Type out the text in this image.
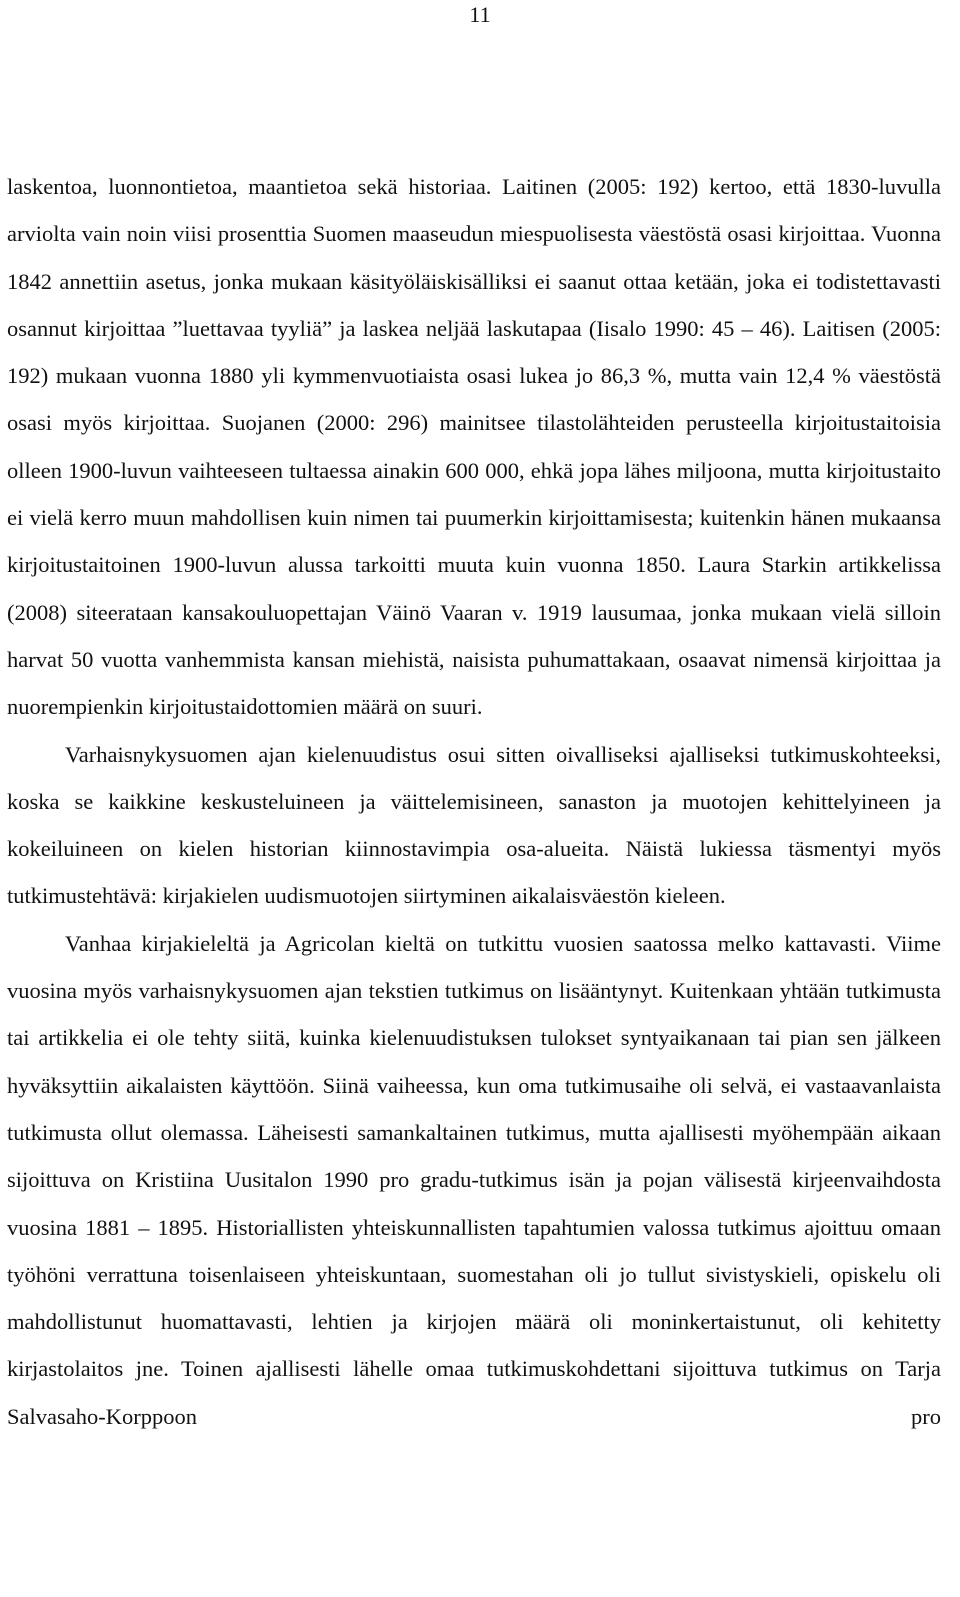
11

laskentoa, luonnontietoa, maantietoa sekä historiaa. Laitinen (2005: 192) kertoo, että 1830-luvulla arviolta vain noin viisi prosenttia Suomen maaseudun miespuolisesta väestöstä osasi kirjoittaa. Vuonna 1842 annettiin asetus, jonka mukaan käsityöläiskisälliksi ei saanut ottaa ketään, joka ei todistettavasti osannut kirjoittaa ”luettavaa tyyliä” ja laskea neljää laskutapaa (Iisalo 1990: 45 – 46). Laitisen (2005: 192) mukaan vuonna 1880 yli kymmenvuotiaista osasi lukea jo 86,3 %, mutta vain 12,4 % väestöstä osasi myös kirjoittaa. Suojanen (2000: 296) mainitsee tilastolähteiden perusteella kirjoitustaitoisia olleen 1900-luvun vaihteeseen tultaessa ainakin 600 000, ehkä jopa lähes miljoona, mutta kirjoitustaito ei vielä kerro muun mahdollisen kuin nimen tai puumerkin kirjoittamisesta; kuitenkin hänen mukaansa kirjoitustaitoinen 1900-luvun alussa tarkoitti muuta kuin vuonna 1850. Laura Starkin artikkelissa (2008) siteerataan kansakouluopettajan Väinö Vaaran v. 1919 lausumaa, jonka mukaan vielä silloin harvat 50 vuotta vanhemmista kansan miehistä, naisista puhumattakaan, osaavat nimensä kirjoittaa ja nuorempienkin kirjoitustaidottomien määrä on suuri.

Varhaisnykysuomen ajan kielenuudistus osui sitten oivalliseksi ajalliseksi tutkimuskohteeksi, koska se kaikkine keskusteluineen ja väittelemisineen, sanaston ja muotojen kehittelyineen ja kokeiluineen on kielen historian kiinnostavimpia osa-alueita. Näistä lukiessa täsmentyi myös tutkimustehtävä: kirjakielen uudismuotojen siirtyminen aikalaisväestön kieleen.

Vanhaa kirjakieleltä ja Agricolan kieltä on tutkittu vuosien saatossa melko kattavasti. Viime vuosina myös varhaisnykysuomen ajan tekstien tutkimus on lisääntynyt. Kuitenkaan yhtään tutkimusta tai artikkelia ei ole tehty siitä, kuinka kielenuudistuksen tulokset syntyaikanaan tai pian sen jälkeen hyväksyttiin aikalaisten käyttöön. Siinä vaiheessa, kun oma tutkimusaihe oli selvä, ei vastaavanlaista tutkimusta ollut olemassa. Läheisesti samankaltainen tutkimus, mutta ajallisesti myöhempään aikaan sijoittuva on Kristiina Uusitalon 1990 pro gradu-tutkimus isän ja pojan välisestä kirjeenvaihdosta vuosina 1881 – 1895. Historiallisten yhteiskunnallisten tapahtumien valossa tutkimus ajoittuu omaan työhöni verrattuna toisenlaiseen yhteiskuntaan, suomestahan oli jo tullut sivistyskieli, opiskelu oli mahdollistunut huomattavasti, lehtien ja kirjojen määrä oli moninkertaistunut, oli kehitetty kirjastolaitos jne. Toinen ajallisesti lähelle omaa tutkimuskohdettani sijoittuva tutkimus on Tarja Salvasaho-Korppoon pro
